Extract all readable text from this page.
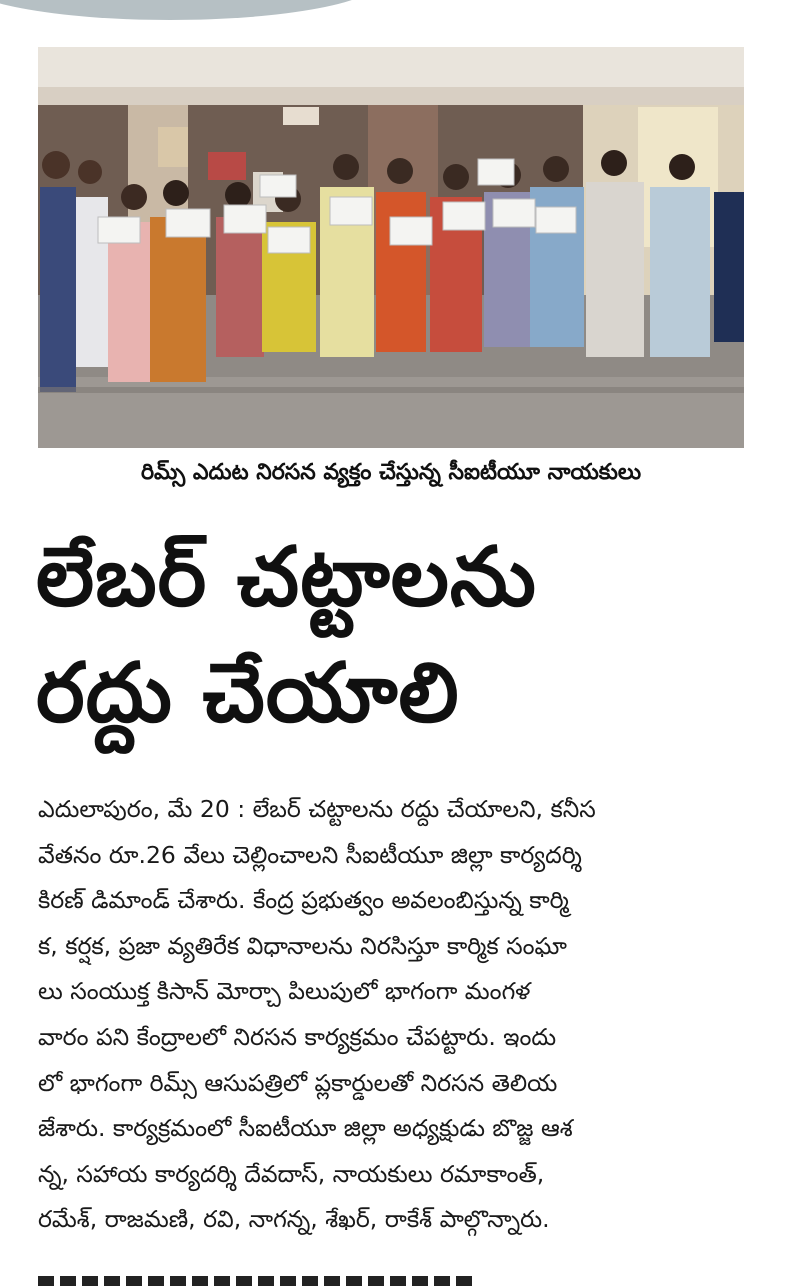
రిమ్స్ ఎదుట నిరసన వ్యక్తం చేస్తున్న సీఐటీయూ నాయకులు
లేబర్ చట్టాలను
రద్దు చేయాలి
ఎదులాపురం, మే 20 : లేబర్ చట్టాలను రద్దు చేయాలని, కనీస
వేతనం రూ.26 వేలు చెల్లించాలని సీఐటీయూ జిల్లా కార్యదర్శి
కిరణ్ డిమాండ్ చేశారు. కేంద్ర ప్రభుత్వం అవలంబిస్తున్న కార్మి
క, కర్షక, ప్రజా వ్యతిరేక విధానాలను నిరసిస్తూ కార్మిక సంఘా
లు సంయుక్త కిసాన్ మోర్చా పిలుపులో భాగంగా మంగళ
వారం పని కేంద్రాలలో నిరసన కార్యక్రమం చేపట్టారు. ఇందు
లో భాగంగా రిమ్స్ ఆసుపత్రిలో ప్లకార్డులతో నిరసన తెలియ
జేశారు. కార్యక్రమంలో సీఐటీయూ జిల్లా అధ్యక్షుడు బొజ్జ ఆశ
న్న, సహాయ కార్యదర్శి దేవదాస్, నాయకులు రమాకాంత్,
రమేశ్, రాజమణి, రవి, నాగన్న, శేఖర్, రాకేశ్ పాల్గొన్నారు.
